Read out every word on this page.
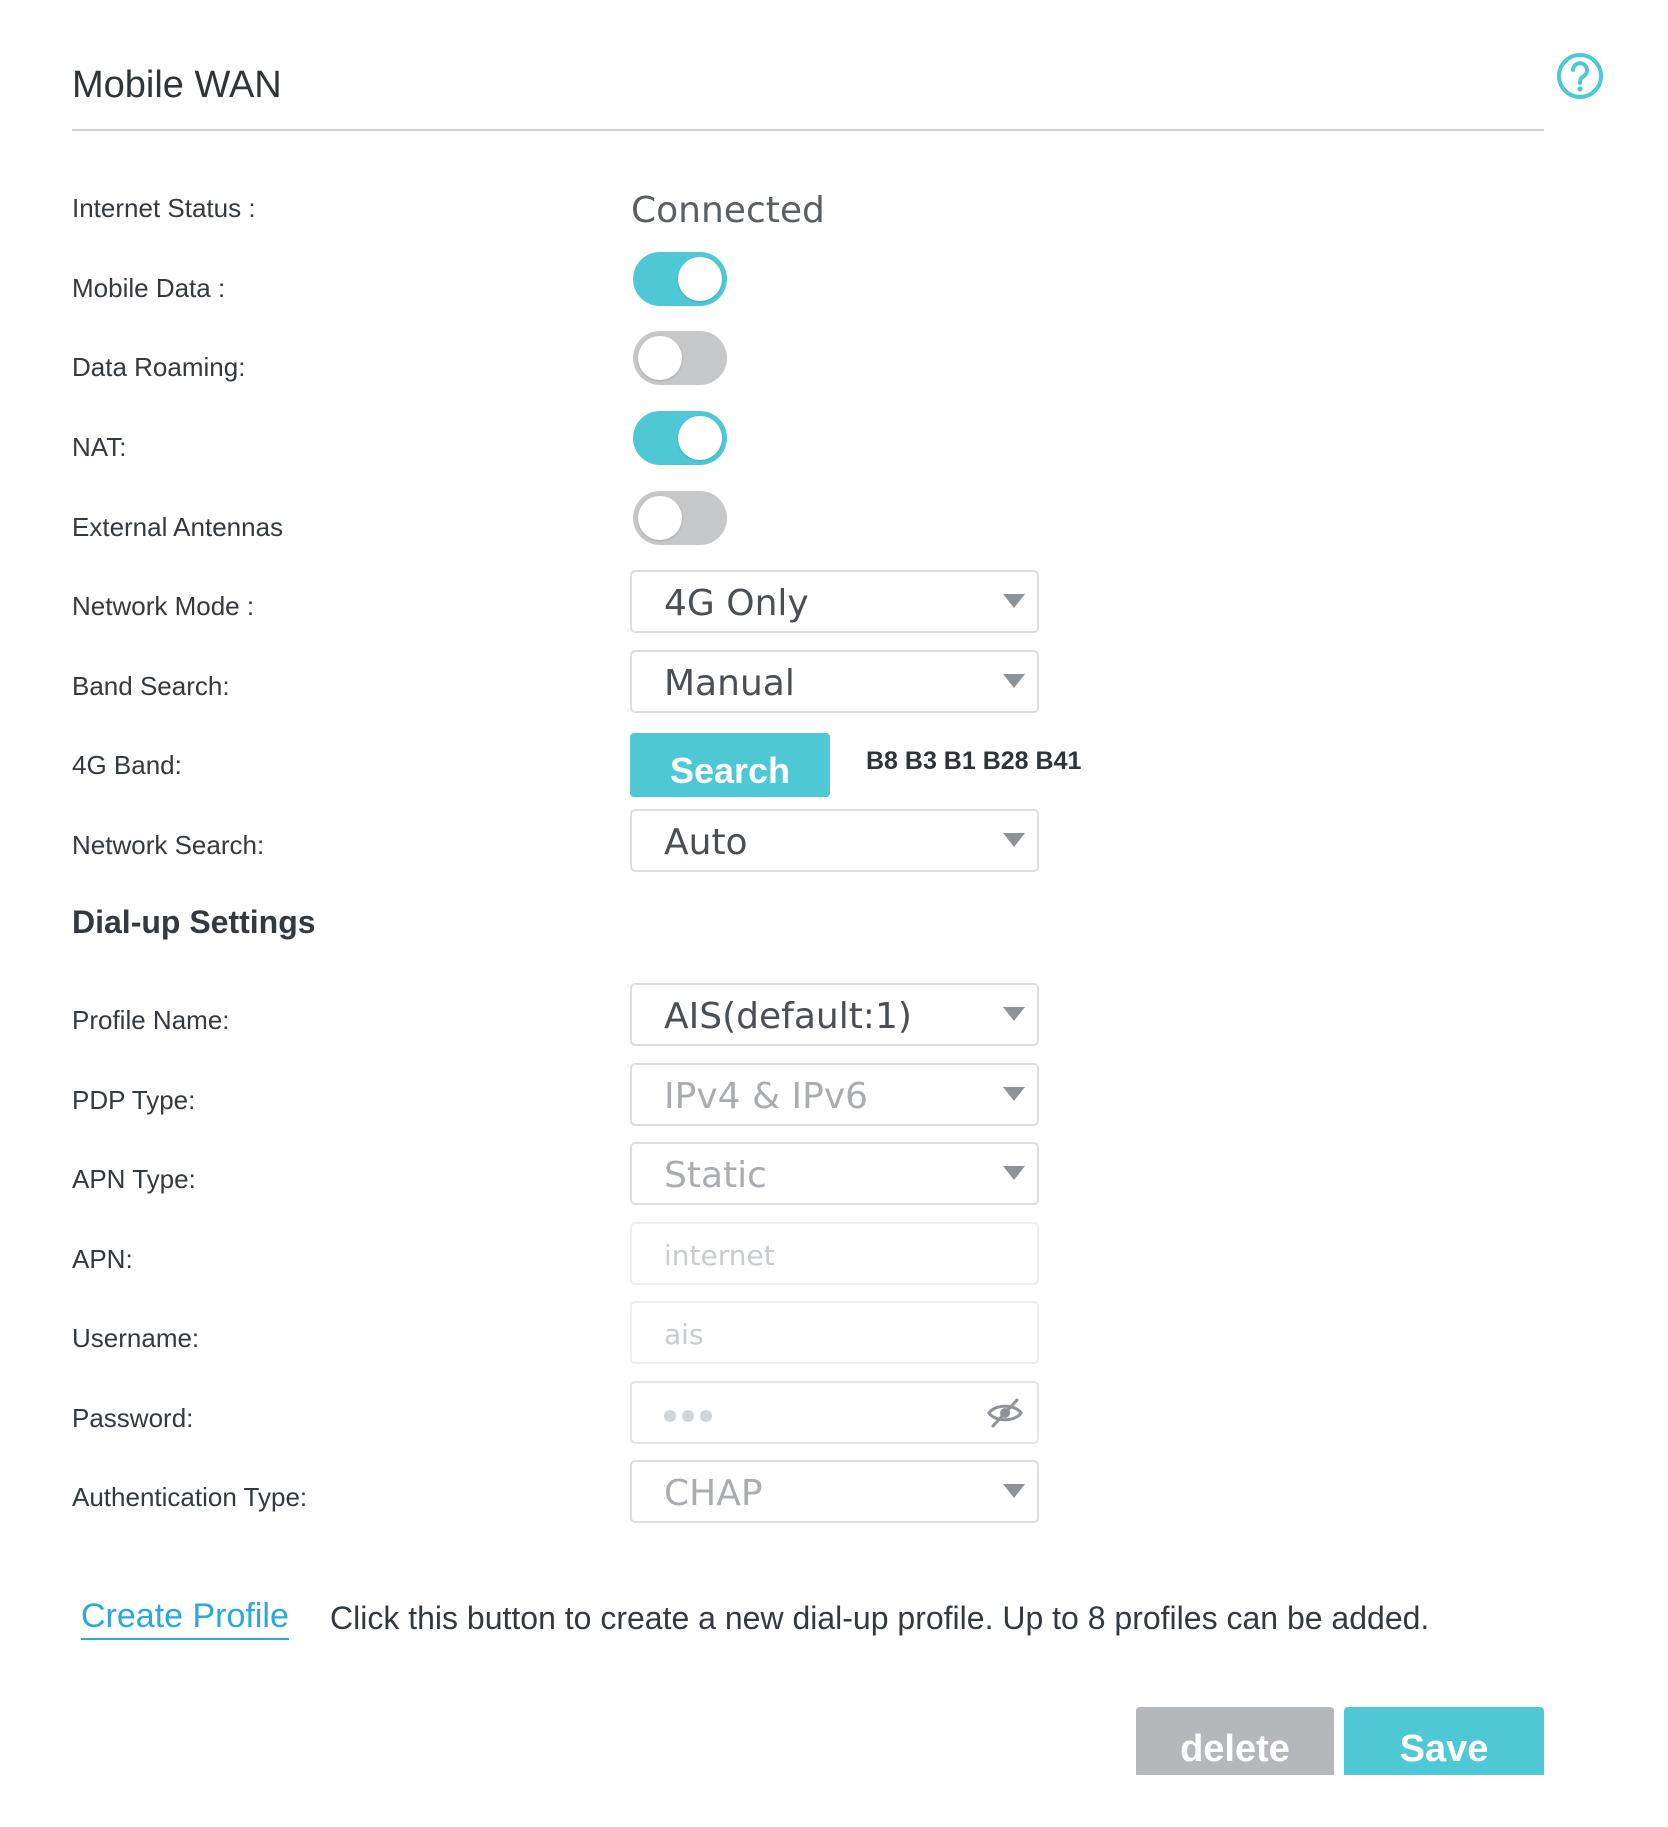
Mobile WAN
Internet Status :	Connected
Mobile Data :
Data Roaming:
NAT:
External Antennas
Network Mode :	4G Only
Band Search:	Manual
4G Band:	Search	B8 B3 B1 B28 B41
Network Search:	Auto
Dial-up Settings
Profile Name:	AIS(default:1)
PDP Type:	IPv4 & IPv6
APN Type:	Static
APN:	internet
Username:	ais
Password:
Authentication Type:	CHAP
Create Profile Click this button to create a new dial-up profile. Up to 8 profiles can be added.
delete	Save
